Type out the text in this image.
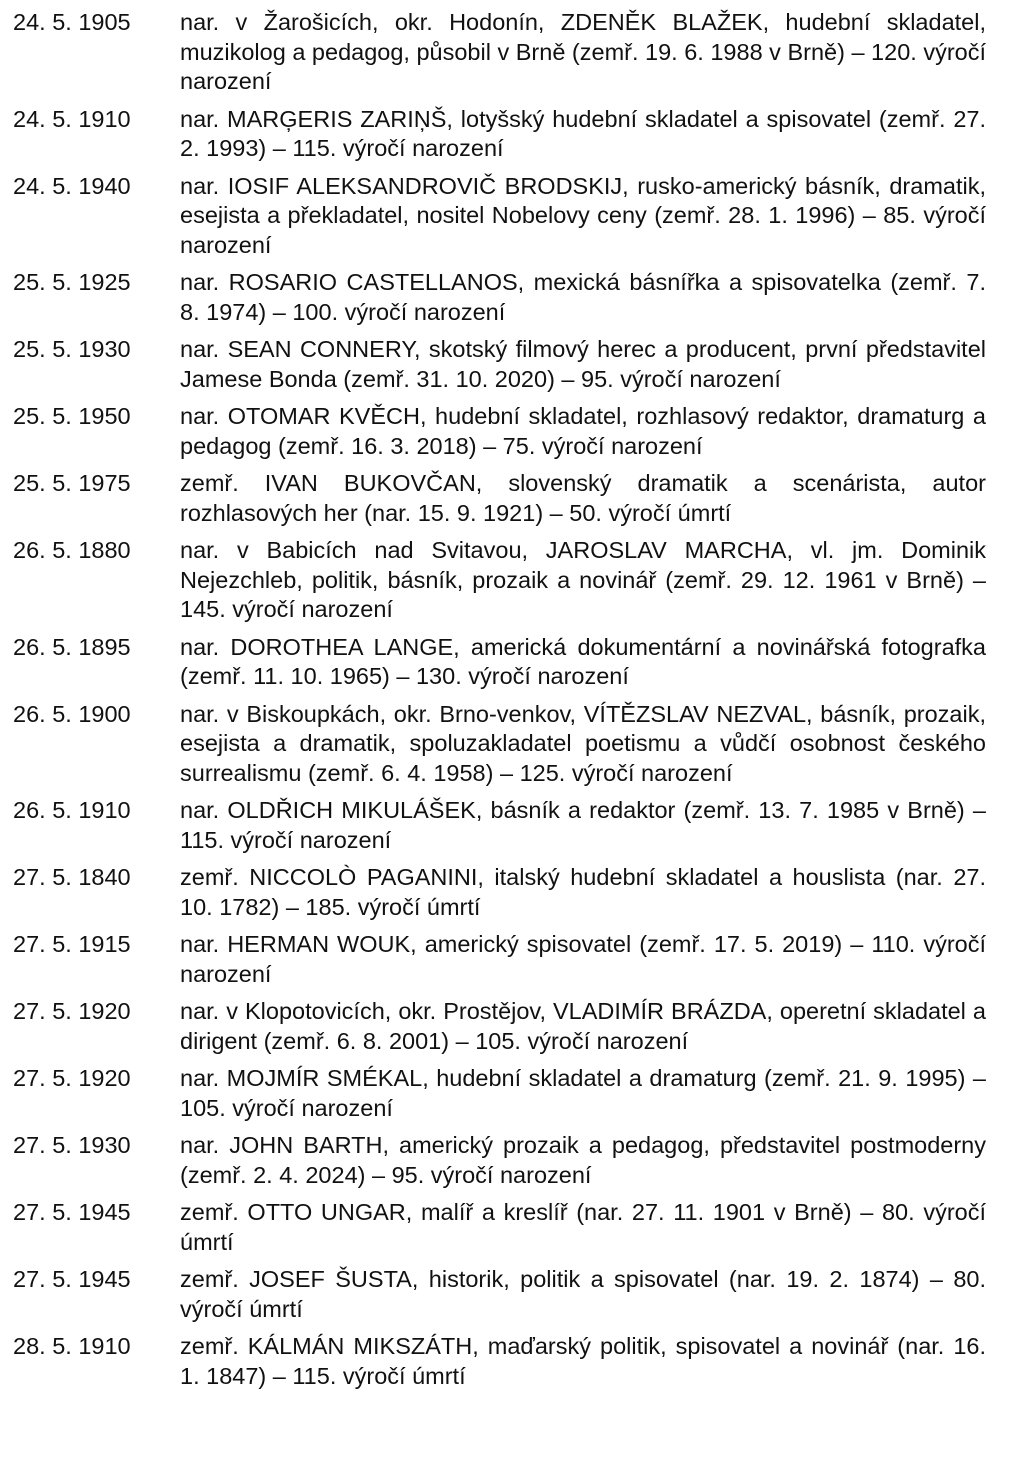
24. 5. 1905	nar. v Žarošicích, okr. Hodonín, ZDENĚK BLAŽEK, hudební skladatel, muzikolog a pedagog, působil v Brně (zemř. 19. 6. 1988 v Brně) – 120. výročí narození
24. 5. 1910	nar. MARĢERIS ZARIŅŠ, lotyšský hudební skladatel a spisovatel (zemř. 27. 2. 1993) – 115. výročí narození
24. 5. 1940	nar. IOSIF ALEKSANDROVIČ BRODSKIJ, rusko-americký básník, dramatik, esejista a překladatel, nositel Nobelovy ceny (zemř. 28. 1. 1996) – 85. výročí narození
25. 5. 1925	nar. ROSARIO CASTELLANOS, mexická básnířka a spisovatelka (zemř. 7. 8. 1974) – 100. výročí narození
25. 5. 1930	nar. SEAN CONNERY, skotský filmový herec a producent, první představitel Jamese Bonda (zemř. 31. 10. 2020) – 95. výročí narození
25. 5. 1950	nar. OTOMAR KVĚCH, hudební skladatel, rozhlasový redaktor, dramaturg a pedagog (zemř. 16. 3. 2018) – 75. výročí narození
25. 5. 1975	zemř. IVAN BUKOVČAN, slovenský dramatik a scenárista, autor rozhlasových her (nar. 15. 9. 1921) – 50. výročí úmrtí
26. 5. 1880	nar. v Babicích nad Svitavou, JAROSLAV MARCHA, vl. jm. Dominik Nejezchleb, politik, básník, prozaik a novinář (zemř. 29. 12. 1961 v Brně) – 145. výročí narození
26. 5. 1895	nar. DOROTHEA LANGE, americká dokumentární a novinářská fotografka (zemř. 11. 10. 1965) – 130. výročí narození
26. 5. 1900	nar. v Biskoupkách, okr. Brno-venkov, VÍTĚZSLAV NEZVAL, básník, prozaik, esejista a dramatik, spoluzakladatel poetismu a vůdčí osobnost českého surrealismu (zemř. 6. 4. 1958) – 125. výročí narození
26. 5. 1910	nar. OLDŘICH MIKULÁŠEK, básník a redaktor (zemř. 13. 7. 1985 v Brně) – 115. výročí narození
27. 5. 1840	zemř. NICCOLÒ PAGANINI, italský hudební skladatel a houslista (nar. 27. 10. 1782) – 185. výročí úmrtí
27. 5. 1915	nar. HERMAN WOUK, americký spisovatel (zemř. 17. 5. 2019) – 110. výročí narození
27. 5. 1920	nar. v Klopotovicích, okr. Prostějov, VLADIMÍR BRÁZDA, operetní skladatel a dirigent (zemř. 6. 8. 2001) – 105. výročí narození
27. 5. 1920	nar. MOJMÍR SMÉKAL, hudební skladatel a dramaturg (zemř. 21. 9. 1995) – 105. výročí narození
27. 5. 1930	nar. JOHN BARTH, americký prozaik a pedagog, představitel postmoderny (zemř. 2. 4. 2024) – 95. výročí narození
27. 5. 1945	zemř. OTTO UNGAR, malíř a kreslíř (nar. 27. 11. 1901 v Brně) – 80. výročí úmrtí
27. 5. 1945	zemř. JOSEF ŠUSTA, historik, politik a spisovatel (nar. 19. 2. 1874) – 80. výročí úmrtí
28. 5. 1910	zemř. KÁLMÁN MIKSZÁTH, maďarský politik, spisovatel a novinář (nar. 16. 1. 1847) – 115. výročí úmrtí
